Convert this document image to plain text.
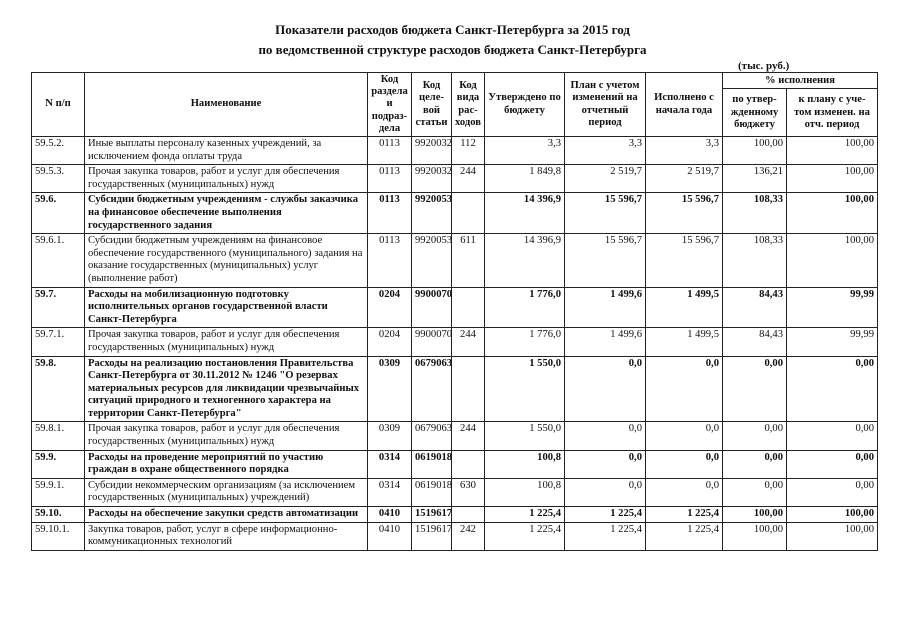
Показатели расходов бюджета Санкт-Петербурга за 2015 год
по ведомственной структуре расходов бюджета Санкт-Петербурга
(тыс. руб.)
N п/п	Наименование	Код раздела и подраз-дела	Код целе-вой статьи	Код вида рас-ходов	Утверждено по бюджету	План с учетом изменений на отчетный период	Исполнено с начала года	% исполнения	
								по утвер-жденному бюджету	к плану с уче-том изменен. на отч. период
59.5.2.	Иные выплаты персоналу казенных учреждений, за исключением фонда оплаты труда	0113	9920032	112	3,3	3,3	3,3	100,00	100,00
59.5.3.	Прочая закупка товаров, работ и услуг для обеспечения государственных (муниципальных) нужд	0113	9920032	244	1 849,8	2 519,7	2 519,7	136,21	100,00
59.6.	Субсидии бюджетным учреждениям - службы заказчика на финансовое обеспечение выполнения государственного задания	0113	9920053		14 396,9	15 596,7	15 596,7	108,33	100,00
59.6.1.	Субсидии бюджетным учреждениям на финансовое обеспечение государственного (муниципального) задания на оказание государственных (муниципальных) услуг (выполнение работ)	0113	9920053	611	14 396,9	15 596,7	15 596,7	108,33	100,00
59.7.	Расходы на мобилизационную подготовку исполнительных органов государственной власти Санкт-Петербурга	0204	9900070		1 776,0	1 499,6	1 499,5	84,43	99,99
59.7.1.	Прочая закупка товаров, работ и услуг для обеспечения государственных (муниципальных) нужд	0204	9900070	244	1 776,0	1 499,6	1 499,5	84,43	99,99
59.8.	Расходы на реализацию постановления Правительства Санкт-Петербурга от 30.11.2012 № 1246 "О резервах материальных ресурсов для ликвидации чрезвычайных ситуаций природного и техногенного характера на территории Санкт-Петербурга"	0309	0679063		1 550,0	0,0	0,0	0,00	0,00
59.8.1.	Прочая закупка товаров, работ и услуг для обеспечения государственных (муниципальных) нужд	0309	0679063	244	1 550,0	0,0	0,0	0,00	0,00
59.9.	Расходы на проведение мероприятий по участию граждан в охране общественного порядка	0314	0619018		100,8	0,0	0,0	0,00	0,00
59.9.1.	Субсидии некоммерческим организациям (за исключением государственных (муниципальных) учреждений)	0314	0619018	630	100,8	0,0	0,0	0,00	0,00
59.10.	Расходы на обеспечение закупки средств автоматизации	0410	1519617		1 225,4	1 225,4	1 225,4	100,00	100,00
59.10.1.	Закупка товаров, работ, услуг в сфере информационно-коммуникационных технологий	0410	1519617	242	1 225,4	1 225,4	1 225,4	100,00	100,00
